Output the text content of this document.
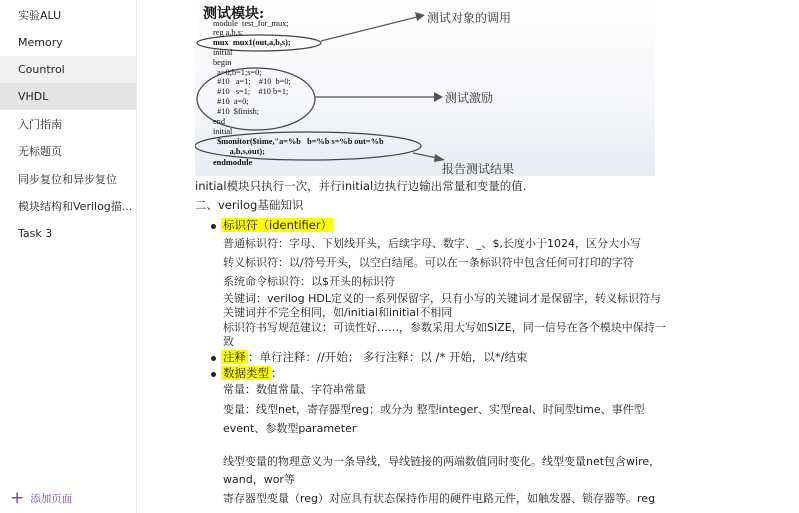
实验ALU
Memory
Countrol
VHDL
入门指南
无标题页
同步复位和异步复位
模块结构和Verilog描...
Task 3
+ 添加页面
测试模块:
module  test_for_mux;
reg a,b,s;
mux  mux1(out,a,b,s);
initial
begin
a=0;b=1;s=0;
#10   a=1;    #10  b=0;
#10   s=1;    #10 b=1;
#10  a=0;
#10  $finish;
end
initial
$monitor($time,"a=%b   b=%b s=%b out=%b
a,b,s,out);
endmodule
测试对象的调用
测试激励
报告测试结果
initial模块只执行一次，并行initial边执行边输出常量和变量的值.
二、verilog基础知识
标识符（identifier）
普通标识符：字母、下划线开头，后续字母、数字、_、$,长度小于1024，区分大小写
转义标识符：以/符号开头，以空白结尾。可以在一条标识符中包含任何可打印的字符
系统命令标识符：以$开头的标识符
关键词：verilog HDL定义的一系列保留字，只有小写的关键词才是保留字，转义标识符与
关键词并不完全相同，如/initial和initial不相同
标识符书写规范建议：可读性好……，参数采用大写如SIZE，同一信号在各个模块中保持一
致
注释 ：单行注释：//开始； 多行注释：以 /* 开始，以*/结束
数据类型 ：
常量：数值常量、字符串常量
变量：线型net，寄存器型reg；或分为 整型integer、实型real、时间型time、事件型
event、参数型parameter
线型变量的物理意义为一条导线，导线链接的两端数值同时变化。线型变量net包含wire，
wand，wor等
寄存器型变量（reg）对应具有状态保持作用的硬件电路元件，如触发器、锁存器等。reg
